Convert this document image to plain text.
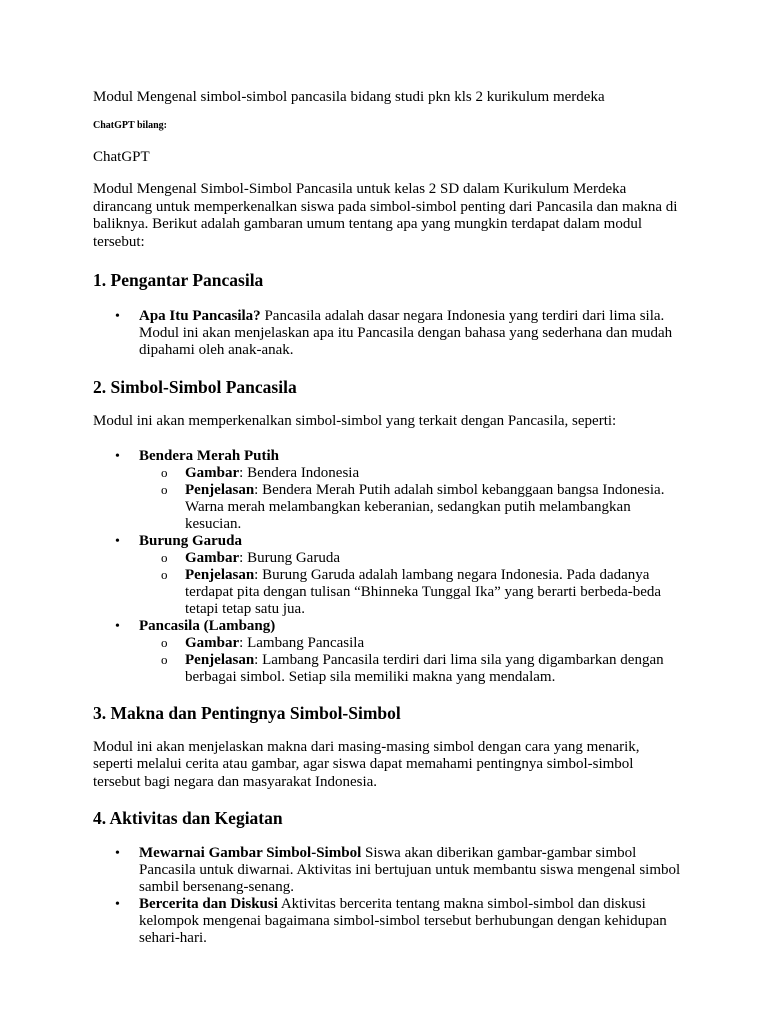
Modul Mengenal simbol-simbol pancasila bidang studi pkn kls 2 kurikulum merdeka

ChatGPT bilang:

ChatGPT

Modul Mengenal Simbol-Simbol Pancasila untuk kelas 2 SD dalam Kurikulum Merdeka dirancang untuk memperkenalkan siswa pada simbol-simbol penting dari Pancasila dan makna di baliknya. Berikut adalah gambaran umum tentang apa yang mungkin terdapat dalam modul tersebut:

1. Pengantar Pancasila
• Apa Itu Pancasila? Pancasila adalah dasar negara Indonesia yang terdiri dari lima sila. Modul ini akan menjelaskan apa itu Pancasila dengan bahasa yang sederhana dan mudah dipahami oleh anak-anak.
2. Simbol-Simbol Pancasila

Modul ini akan memperkenalkan simbol-simbol yang terkait dengan Pancasila, seperti:

• Bendera Merah Putih
o Gambar: Bendera Indonesia
o Penjelasan: Bendera Merah Putih adalah simbol kebanggaan bangsa Indonesia. Warna merah melambangkan keberanian, sedangkan putih melambangkan kesucian.
• Burung Garuda
o Gambar: Burung Garuda
o Penjelasan: Burung Garuda adalah lambang negara Indonesia. Pada dadanya terdapat pita dengan tulisan “Bhinneka Tunggal Ika” yang berarti berbeda-beda tetapi tetap satu jua.
• Pancasila (Lambang)
o Gambar: Lambang Pancasila
o Penjelasan: Lambang Pancasila terdiri dari lima sila yang digambarkan dengan berbagai simbol. Setiap sila memiliki makna yang mendalam.
3. Makna dan Pentingnya Simbol-Simbol

Modul ini akan menjelaskan makna dari masing-masing simbol dengan cara yang menarik, seperti melalui cerita atau gambar, agar siswa dapat memahami pentingnya simbol-simbol tersebut bagi negara dan masyarakat Indonesia.

4. Aktivitas dan Kegiatan
• Mewarnai Gambar Simbol-Simbol Siswa akan diberikan gambar-gambar simbol Pancasila untuk diwarnai. Aktivitas ini bertujuan untuk membantu siswa mengenal simbol sambil bersenang-senang.
• Bercerita dan Diskusi Aktivitas bercerita tentang makna simbol-simbol dan diskusi kelompok mengenai bagaimana simbol-simbol tersebut berhubungan dengan kehidupan sehari-hari.
